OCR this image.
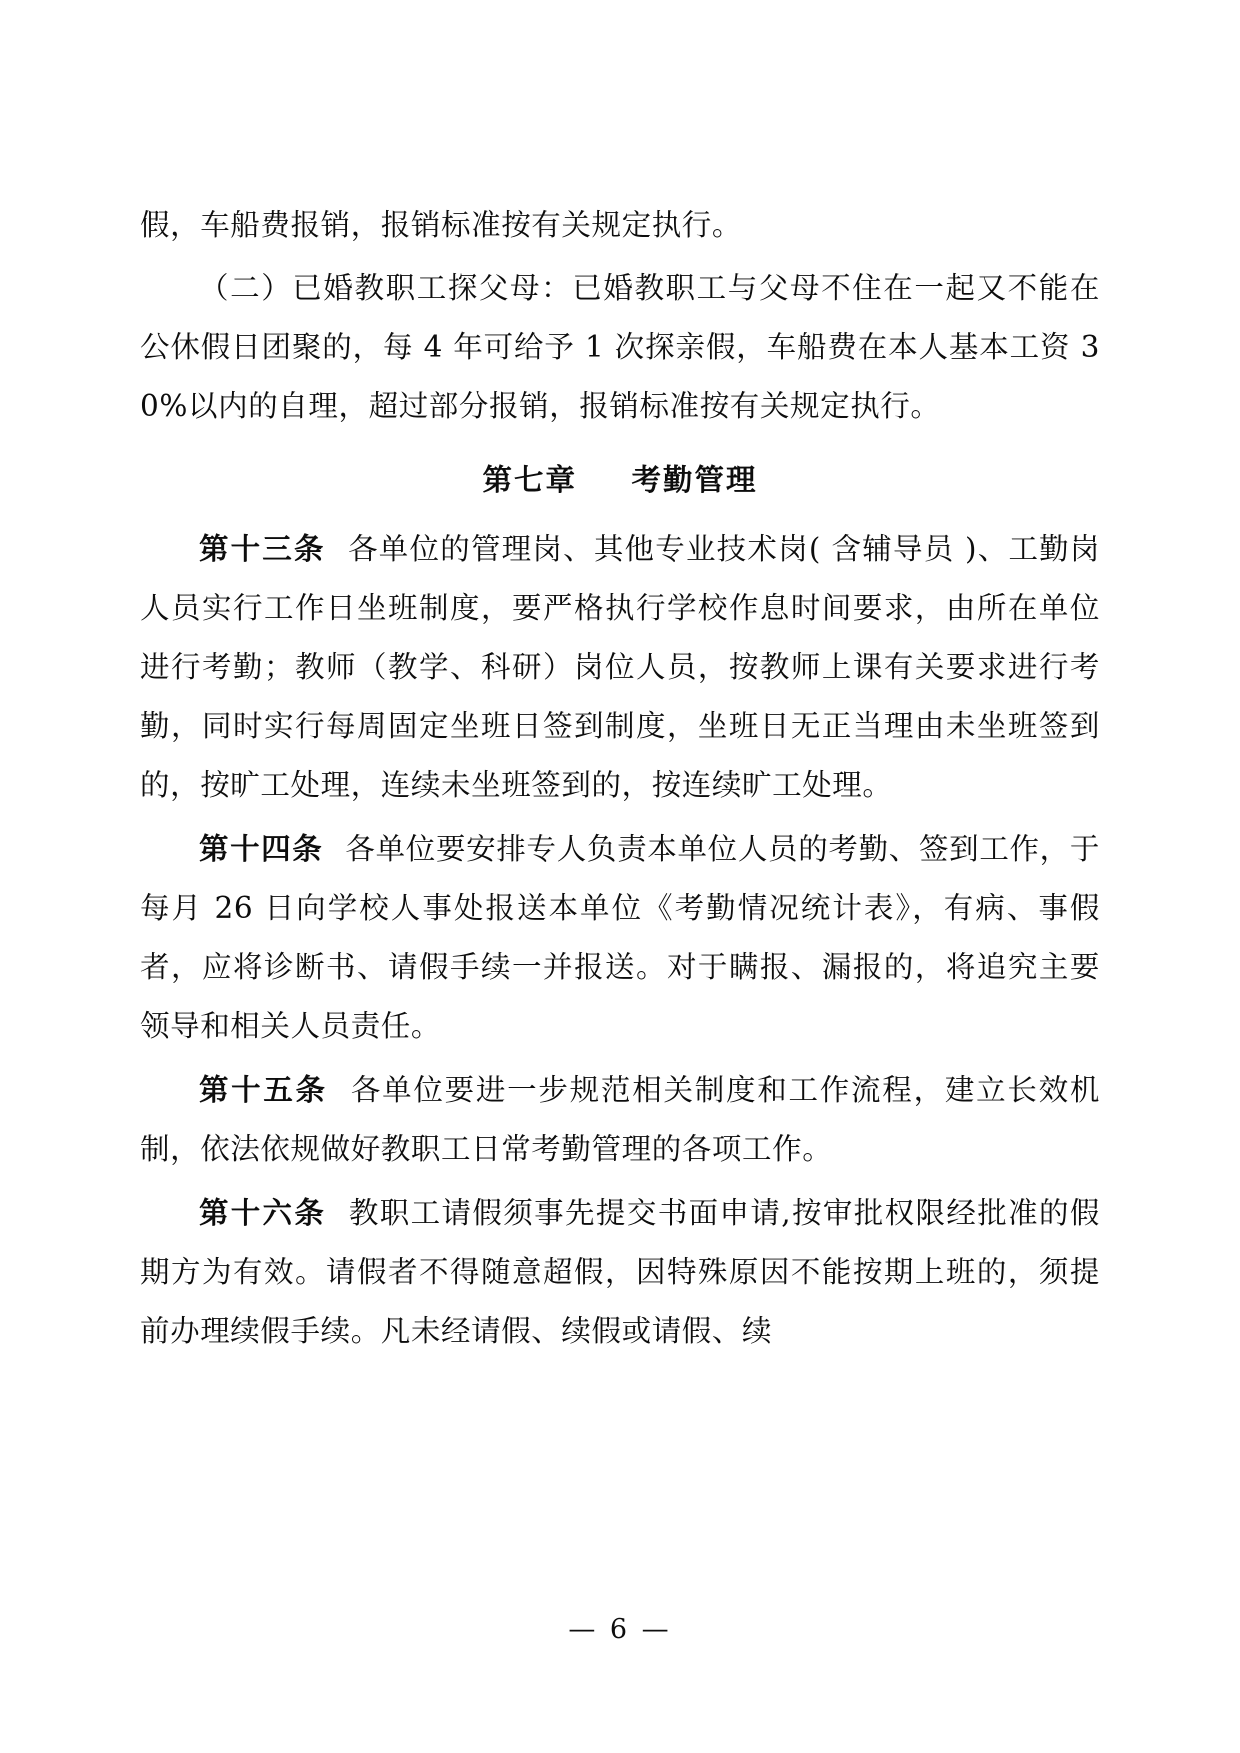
假，车船费报销，报销标准按有关规定执行。

（二）已婚教职工探父母：已婚教职工与父母不住在一起又不能在公休假日团聚的，每 4 年可给予 1 次探亲假，车船费在本人基本工资 30%以内的自理，超过部分报销，报销标准按有关规定执行。

第七章 考勤管理

第十三条 各单位的管理岗、其他专业技术岗( 含辅导员 )、工勤岗人员实行工作日坐班制度，要严格执行学校作息时间要求，由所在单位进行考勤；教师（教学、科研）岗位人员，按教师上课有关要求进行考勤，同时实行每周固定坐班日签到制度，坐班日无正当理由未坐班签到的，按旷工处理，连续未坐班签到的，按连续旷工处理。

第十四条 各单位要安排专人负责本单位人员的考勤、签到工作，于每月 26 日向学校人事处报送本单位《考勤情况统计表》，有病、事假者，应将诊断书、请假手续一并报送。对于瞒报、漏报的，将追究主要领导和相关人员责任。

第十五条 各单位要进一步规范相关制度和工作流程，建立长效机制，依法依规做好教职工日常考勤管理的各项工作。

第十六条 教职工请假须事先提交书面申请,按审批权限经批准的假期方为有效。请假者不得随意超假，因特殊原因不能按期上班的，须提前办理续假手续。凡未经请假、续假或请假、续

— 6 —
